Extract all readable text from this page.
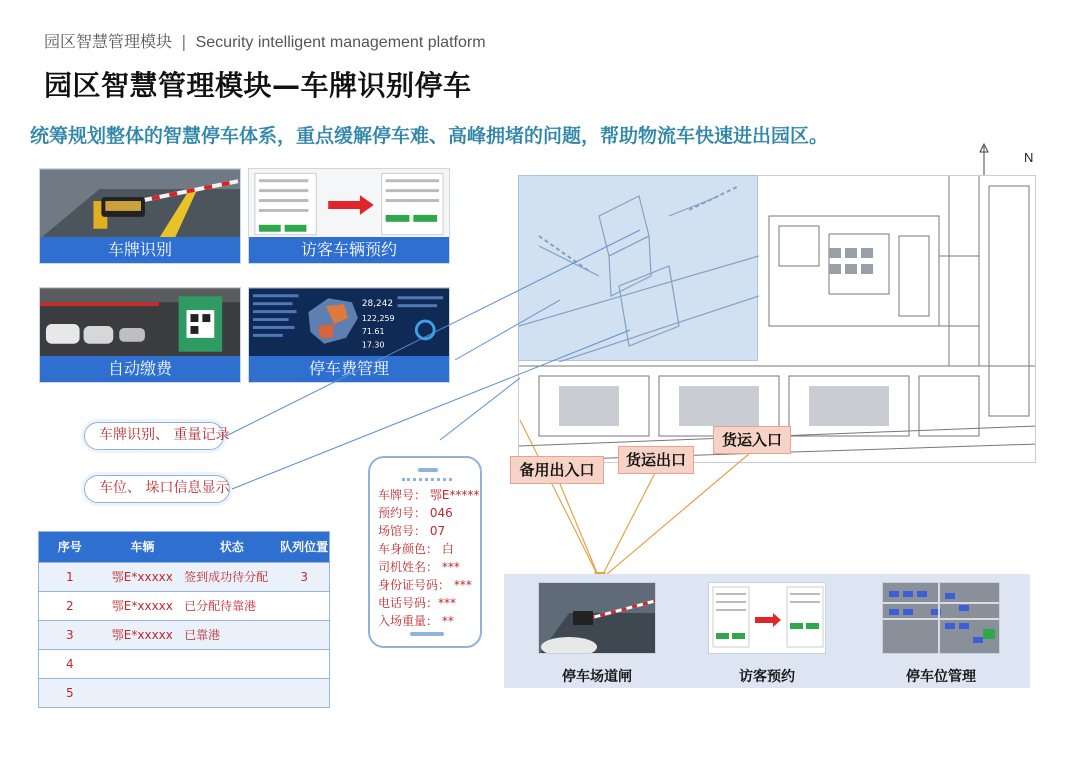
园区智慧管理模块 | Security intelligent management platform
园区智慧管理模块—车牌识别停车
统筹规划整体的智慧停车体系，重点缓解停车难、高峰拥堵的问题，帮助物流车快速进出园区。
车牌识别	访客车辆预约
自动缴费
28,242
122,259
71.61
17.30
停车费管理
车牌识别、 重量记录
车位、 垛口信息显示
序号	车辆	状态	队列位置
1	鄂E*xxxxx	签到成功待分配	3
2	鄂E*xxxxx	已分配待靠港	
3	鄂E*xxxxx	已靠港	
4			
5			
车牌号： 鄂E*****
预约号： 046
场馆号： 07
车身颜色： 白
司机姓名： ***
身份证号码： ***
电话号码：***
入场重量： **
N
备用出入口
货运出口
货运入口
停车场道闸	访客预约	停车位管理
